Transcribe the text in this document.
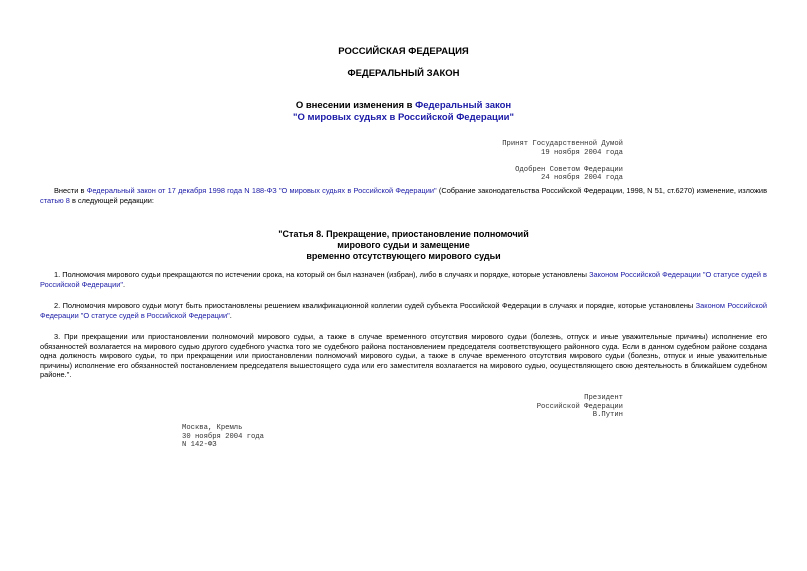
РОССИЙСКАЯ ФЕДЕРАЦИЯ
ФЕДЕРАЛЬНЫЙ ЗАКОН
О внесении изменения в Федеральный закон
"О мировых судьях в Российской Федерации"
Принят Государственной Думой
19 ноября 2004 года
Одобрен Советом Федерации
24 ноября 2004 года
Внести в Федеральный закон от 17 декабря 1998 года N 188-ФЗ "О мировых судьях в Российской Федерации" (Собрание законодательства Российской Федерации, 1998, N 51, ст.6270) изменение, изложив статью 8 в следующей редакции:
"Статья 8. Прекращение, приостановление полномочий
мирового судьи и замещение
временно отсутствующего мирового судьи
1. Полномочия мирового судьи прекращаются по истечении срока, на который он был назначен (избран), либо в случаях и порядке, которые установлены Законом Российской Федерации "О статусе судей в Российской Федерации".
2. Полномочия мирового судьи могут быть приостановлены решением квалификационной коллегии судей субъекта Российской Федерации в случаях и порядке, которые установлены Законом Российской Федерации "О статусе судей в Российской Федерации".
3. При прекращении или приостановлении полномочий мирового судьи, а также в случае временного отсутствия мирового судьи (болезнь, отпуск и иные уважительные причины) исполнение его обязанностей возлагается на мирового судью другого судебного участка того же судебного района постановлением председателя соответствующего районного суда. Если в данном судебном районе создана одна должность мирового судьи, то при прекращении или приостановлении полномочий мирового судьи, а также в случае временного отсутствия мирового судьи (болезнь, отпуск и иные уважительные причины) исполнение его обязанностей постановлением председателя вышестоящего суда или его заместителя возлагается на мирового судью, осуществляющего свою деятельность в ближайшем судебном районе.".
Президент
Российской Федерации
В.Путин
Москва, Кремль
30 ноября 2004 года
N 142-ФЗ
